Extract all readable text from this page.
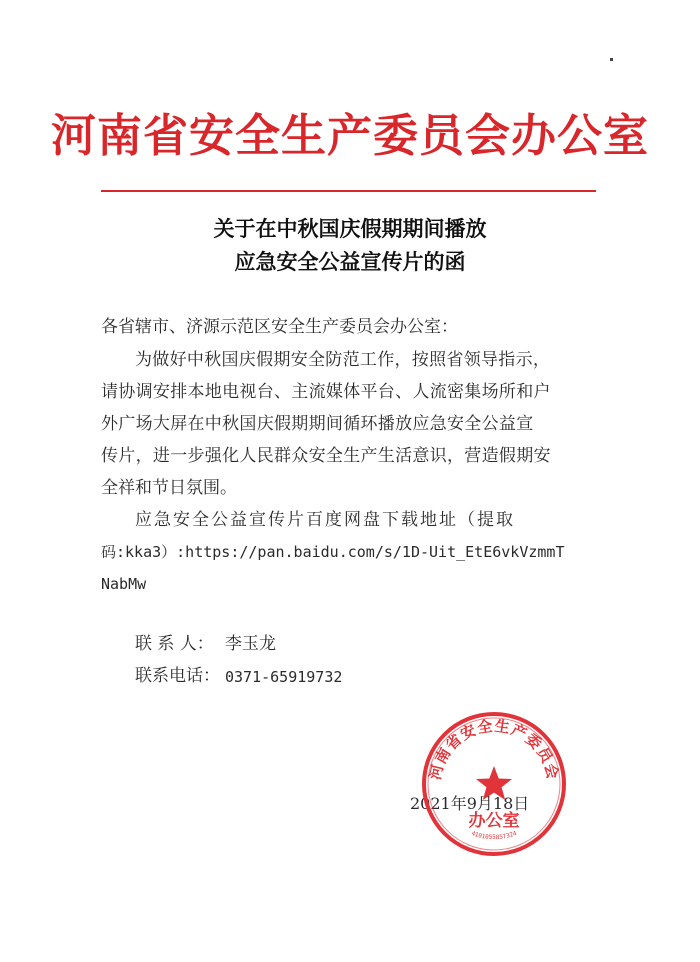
河南省安全生产委员会办公室
关于在中秋国庆假期期间播放
应急安全公益宣传片的函
各省辖市、济源示范区安全生产委员会办公室：
为做好中秋国庆假期安全防范工作，按照省领导指示，
请协调安排本地电视台、主流媒体平台、人流密集场所和户
外广场大屏在中秋国庆假期期间循环播放应急安全公益宣
传片，进一步强化人民群众安全生产生活意识，营造假期安
全祥和节日氛围。
应急安全公益宣传片百度网盘下载地址（提取
码:kka3）:https://pan.baidu.com/s/1D-Uit_EtE6vkVzmmT
NabMw
联 系 人： 李玉龙
联系电话： 0371-65919732
2021年9月18日
河南省安全生产委员会
办公室
4101055857324
